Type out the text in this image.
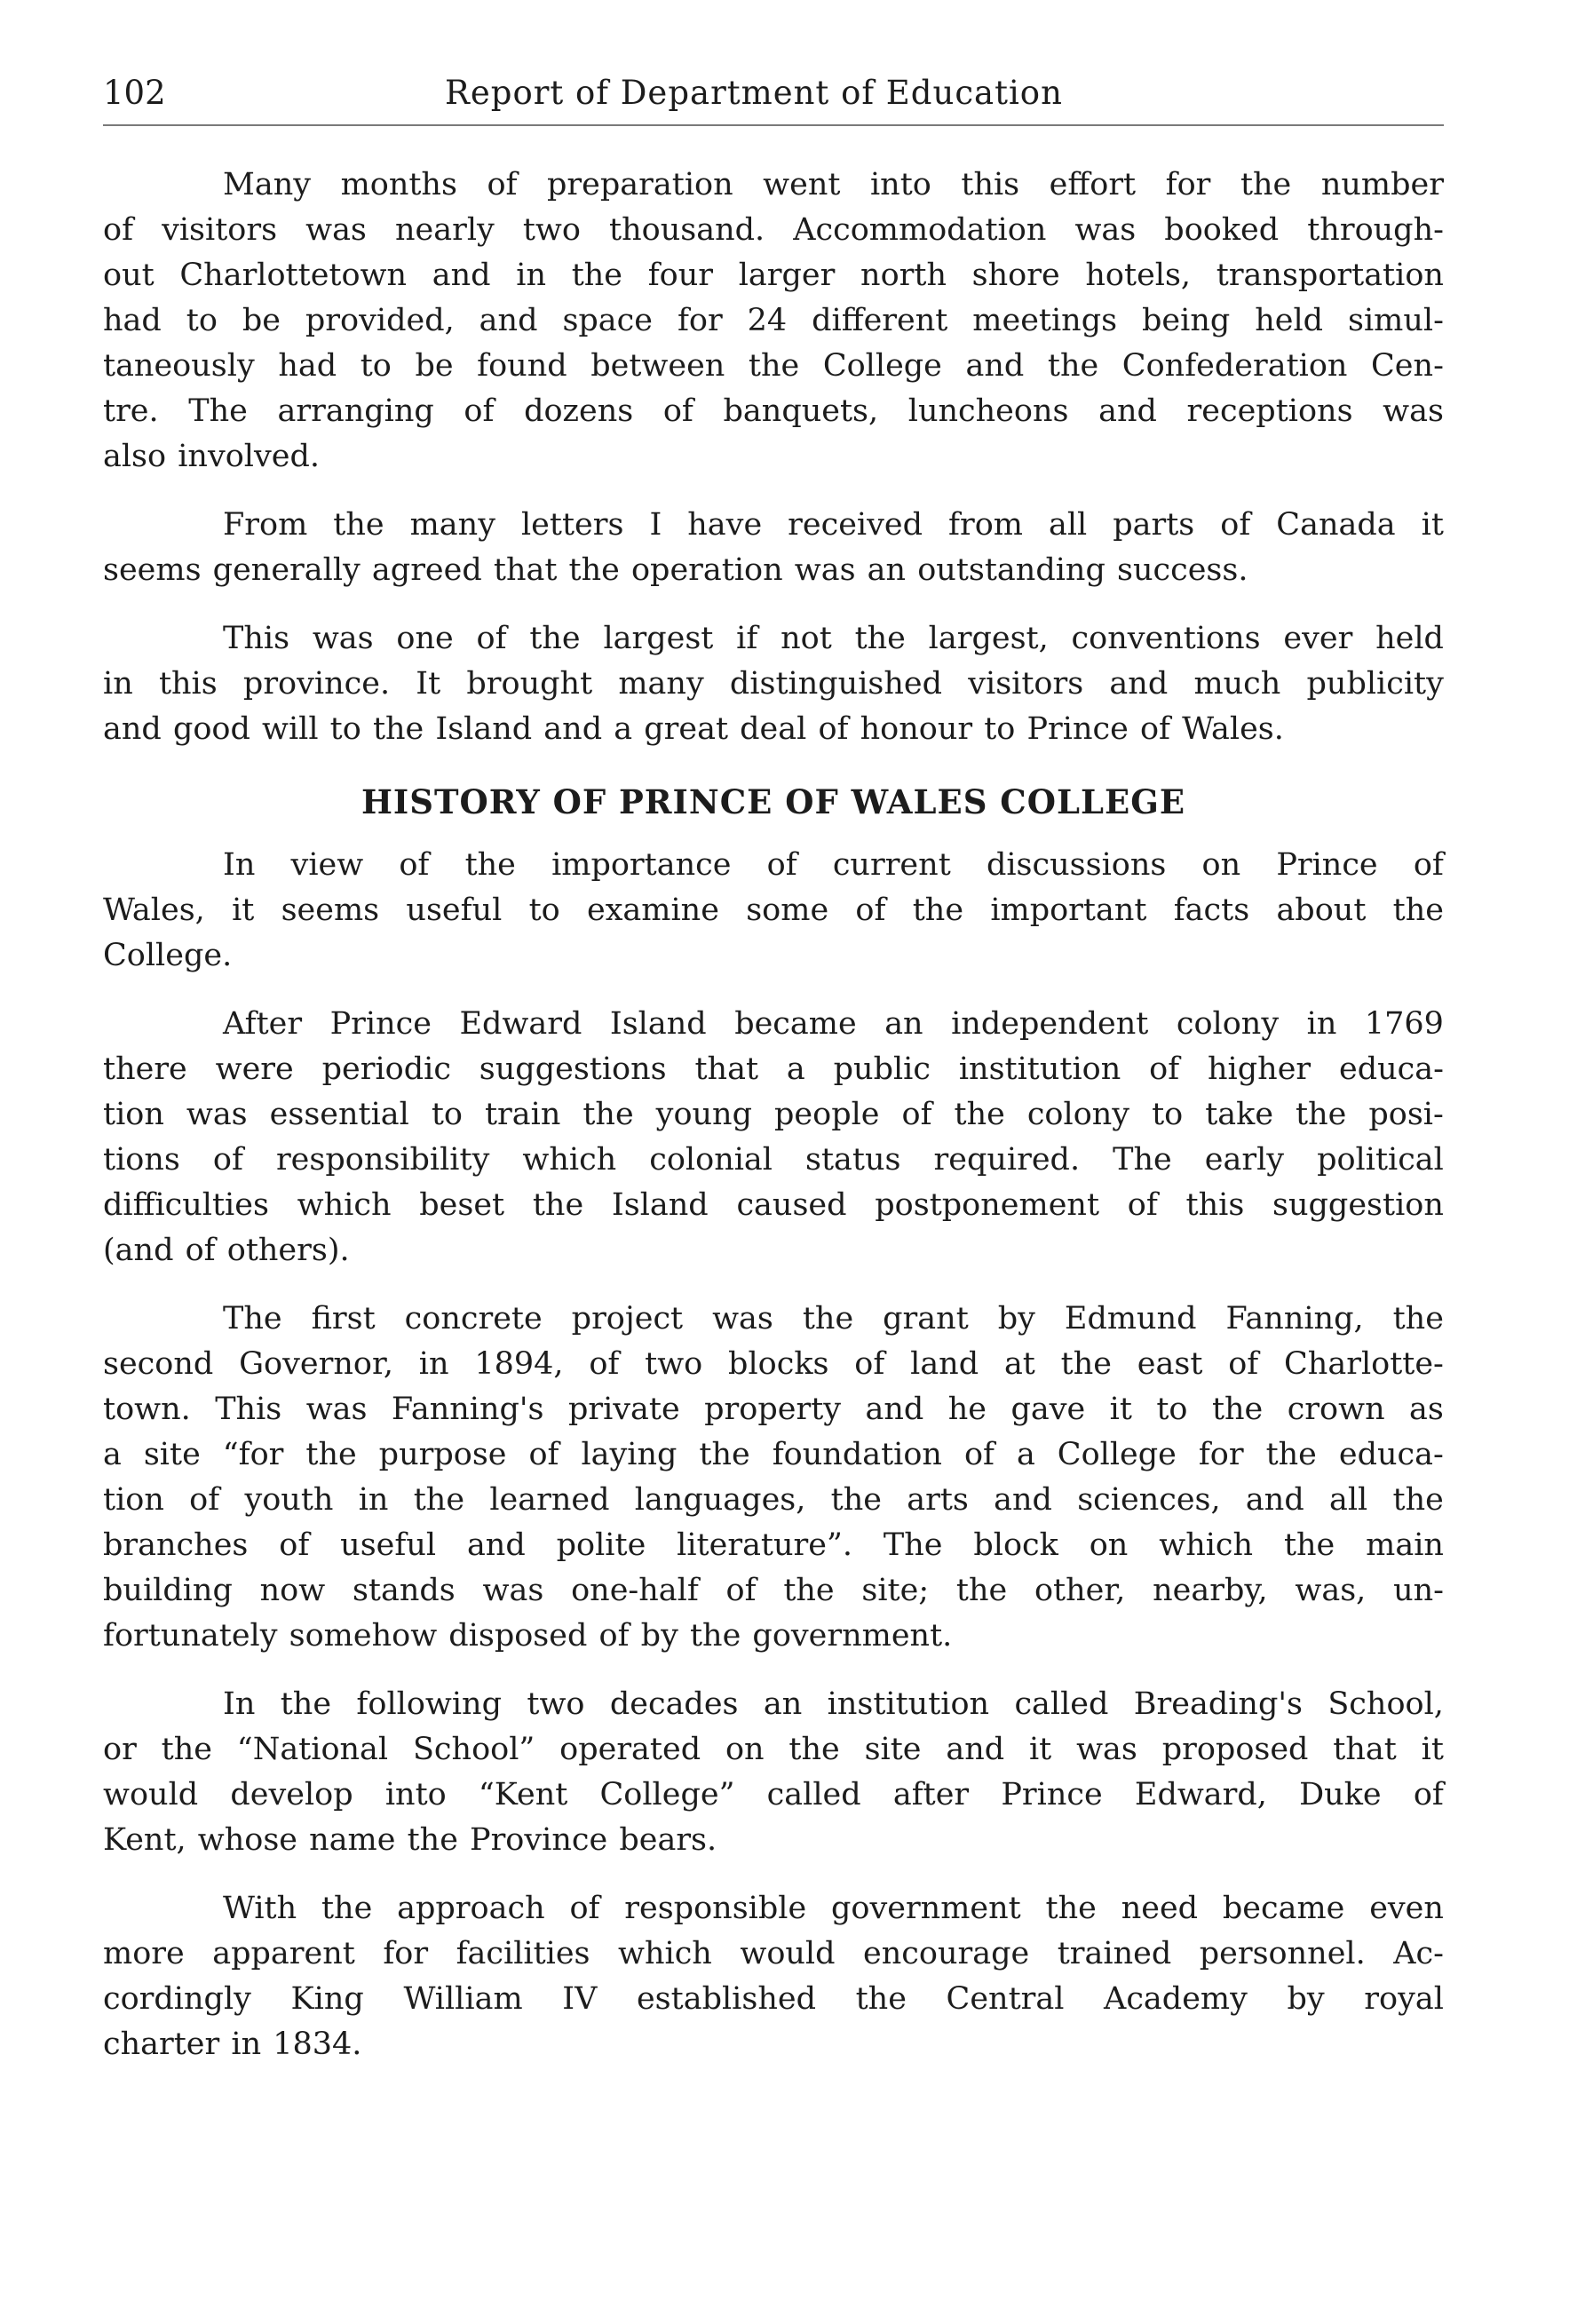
102	Report of Department of Education
Many months of preparation went into this effort for the number
of visitors was nearly two thousand. Accommodation was booked through-
out Charlottetown and in the four larger north shore hotels, transportation
had to be provided, and space for 24 different meetings being held simul-
taneously had to be found between the College and the Confederation Cen-
tre. The arranging of dozens of banquets, luncheons and receptions was
also involved.
From the many letters I have received from all parts of Canada it
seems generally agreed that the operation was an outstanding success.
This was one of the largest if not the largest, conventions ever held
in this province. It brought many distinguished visitors and much publicity
and good will to the Island and a great deal of honour to Prince of Wales.
HISTORY OF PRINCE OF WALES COLLEGE
In view of the importance of current discussions on Prince of
Wales, it seems useful to examine some of the important facts about the
College.
After Prince Edward Island became an independent colony in 1769
there were periodic suggestions that a public institution of higher educa-
tion was essential to train the young people of the colony to take the posi-
tions of responsibility which colonial status required. The early political
difficulties which beset the Island caused postponement of this suggestion
(and of others).
The first concrete project was the grant by Edmund Fanning, the
second Governor, in 1894, of two blocks of land at the east of Charlotte-
town. This was Fanning's private property and he gave it to the crown as
a site “for the purpose of laying the foundation of a College for the educa-
tion of youth in the learned languages, the arts and sciences, and all the
branches of useful and polite literature”. The block on which the main
building now stands was one-half of the site; the other, nearby, was, un-
fortunately somehow disposed of by the government.
In the following two decades an institution called Breading's School,
or the “National School” operated on the site and it was proposed that it
would develop into “Kent College” called after Prince Edward, Duke of
Kent, whose name the Province bears.
With the approach of responsible government the need became even
more apparent for facilities which would encourage trained personnel. Ac-
cordingly King William IV established the Central Academy by royal
charter in 1834.
